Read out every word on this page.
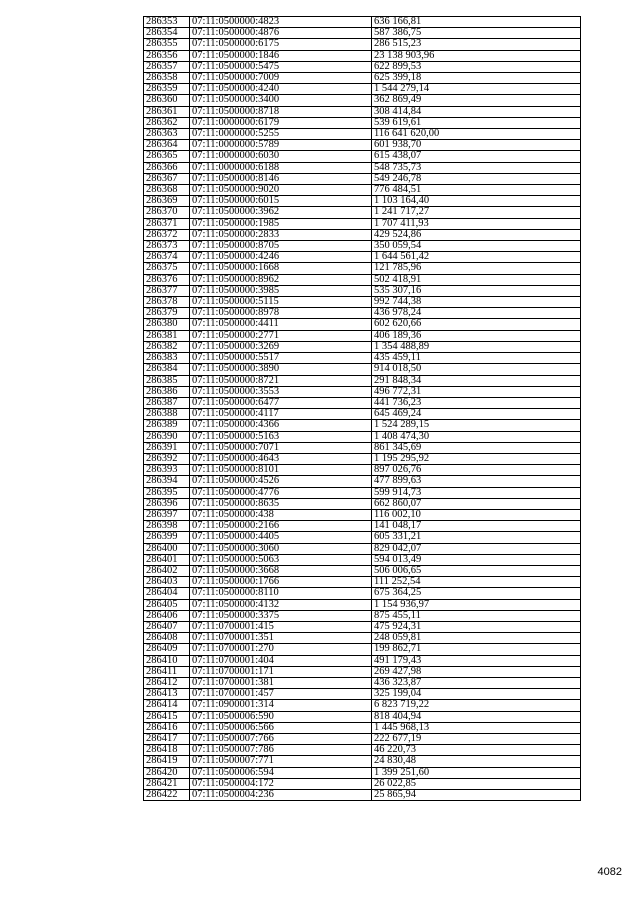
286353	07:11:0500000:4823	636 166,81
286354	07:11:0500000:4876	587 386,75
286355	07:11:0500000:6175	286 515,23
286356	07:11:0500000:1846	23 138 903,96
286357	07:11:0500000:5475	622 899,53
286358	07:11:0500000:7009	625 399,18
286359	07:11:0500000:4240	1 544 279,14
286360	07:11:0500000:3400	362 869,49
286361	07:11:0500000:8718	308 414,84
286362	07:11:0000000:6179	539 619,61
286363	07:11:0000000:5255	116 641 620,00
286364	07:11:0000000:5789	601 938,70
286365	07:11:0000000:6030	615 438,07
286366	07:11:0000000:6188	548 735,73
286367	07:11:0500000:8146	549 246,78
286368	07:11:0500000:9020	776 484,51
286369	07:11:0500000:6015	1 103 164,40
286370	07:11:0500000:3962	1 241 717,27
286371	07:11:0500000:1985	1 707 411,93
286372	07:11:0500000:2833	429 524,86
286373	07:11:0500000:8705	350 059,54
286374	07:11:0500000:4246	1 644 561,42
286375	07:11:0500000:1668	121 785,96
286376	07:11:0500000:8962	502 418,91
286377	07:11:0500000:3985	535 307,16
286378	07:11:0500000:5115	992 744,38
286379	07:11:0500000:8978	436 978,24
286380	07:11:0500000:4411	602 620,66
286381	07:11:0500000:2771	406 189,36
286382	07:11:0500000:3269	1 354 488,89
286383	07:11:0500000:5517	435 459,11
286384	07:11:0500000:3890	914 018,50
286385	07:11:0500000:8721	291 848,34
286386	07:11:0500000:3553	496 772,31
286387	07:11:0500000:6477	441 736,23
286388	07:11:0500000:4117	645 469,24
286389	07:11:0500000:4366	1 524 289,15
286390	07:11:0500000:5163	1 408 474,30
286391	07:11:0500000:7071	861 345,69
286392	07:11:0500000:4643	1 195 295,92
286393	07:11:0500000:8101	897 026,76
286394	07:11:0500000:4526	477 899,63
286395	07:11:0500000:4776	599 914,73
286396	07:11:0500000:8635	662 860,07
286397	07:11:0500000:438	116 002,10
286398	07:11:0500000:2166	141 048,17
286399	07:11:0500000:4405	605 331,21
286400	07:11:0500000:3060	829 042,07
286401	07:11:0500000:5063	594 013,49
286402	07:11:0500000:3668	506 006,65
286403	07:11:0500000:1766	111 252,54
286404	07:11:0500000:8110	675 364,25
286405	07:11:0500000:4132	1 154 936,97
286406	07:11:0500000:3375	875 455,11
286407	07:11:0700001:415	475 924,31
286408	07:11:0700001:351	248 059,81
286409	07:11:0700001:270	199 862,71
286410	07:11:0700001:404	491 179,43
286411	07:11:0700001:171	269 427,98
286412	07:11:0700001:381	436 323,87
286413	07:11:0700001:457	325 199,04
286414	07:11:0900001:314	6 823 719,22
286415	07:11:0500006:590	818 404,94
286416	07:11:0500006:566	1 445 968,13
286417	07:11:0500007:766	222 677,19
286418	07:11:0500007:786	46 220,73
286419	07:11:0500007:771	24 830,48
286420	07:11:0500006:594	1 399 251,60
286421	07:11:0500004:172	26 022,85
286422	07:11:0500004:236	25 865,94
4082
